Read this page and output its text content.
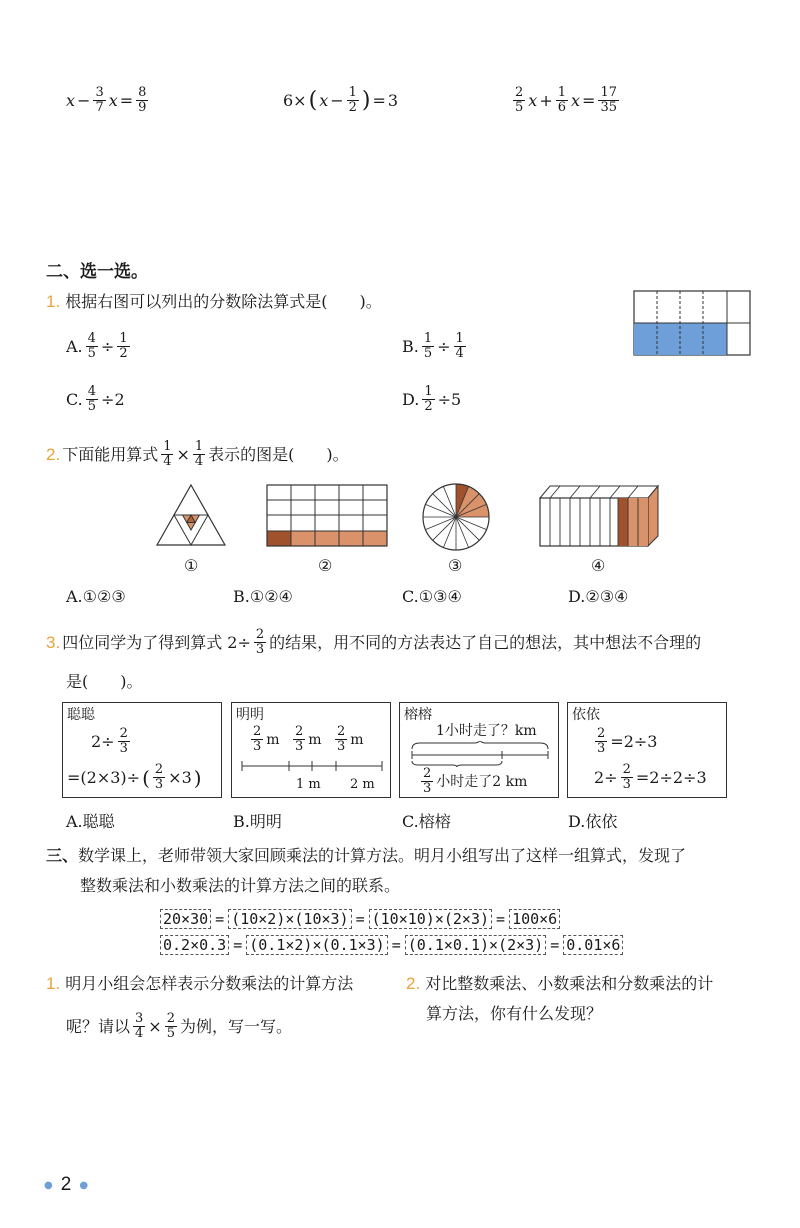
$x - \frac{3}{7}$ $x = \frac{8}{9}$	6× ( $x - \frac{1}{2}$ ) = 3	$\frac{2}{5}$ $x + \frac{1}{6}$ $x = \frac{17}{35}$
二、选一选。
1. 根据右图可以列出的分数除法算式是(　　)。
A. $\frac{4}{5} \div \frac{1}{2}$	B. $\frac{1}{5} \div \frac{1}{4}$
C. $\frac{4}{5} \div 2$	D. $\frac{1}{2} \div 5$
2. 下面能用算式 $\frac{1}{4} \times \frac{1}{4}$ 表示的图是(　　)。
①	②	③	④
A.①②③	B.①②④	C.①③④	D.②③④
3. 四位同学为了得到算式 $2\div \frac{2}{3}$ 的结果，用不同的方法表达了自己的想法，其中想法不合理的
是(　　)。
聪聪
$2\div \frac{2}{3}$
=(2×3)÷ ( $\frac{2}{3} \times 3$ )
明明
$\frac{2}{3}$ m $\frac{2}{3}$ m $\frac{2}{3}$ m
1 m 2 m
榕榕
1小时走了？km
$\frac{2}{3}$ 小时走了2 km
依依
$\frac{2}{3} =2\div 3$
$2\div \frac{2}{3} =2\div 2\div 3$
A.聪聪	B.明明	C.榕榕	D.依依
三、数学课上，老师带领大家回顾乘法的计算方法。明月小组写出了这样一组算式，发现了
整数乘法和小数乘法的计算方法之间的联系。
20×30 = (10×2)×(10×3) = (10×10)×(2×3) = 100×6
0.2×0.3 = (0.1×2)×(0.1×3) = (0.1×0.1)×(2×3) = 0.01×6
1. 明月小组会怎样表示分数乘法的计算方法
呢？请以 $\frac{3}{4} \times \frac{2}{5}$ 为例，写一写。
2. 对比整数乘法、小数乘法和分数乘法的计
算方法，你有什么发现？
● 2 ●
